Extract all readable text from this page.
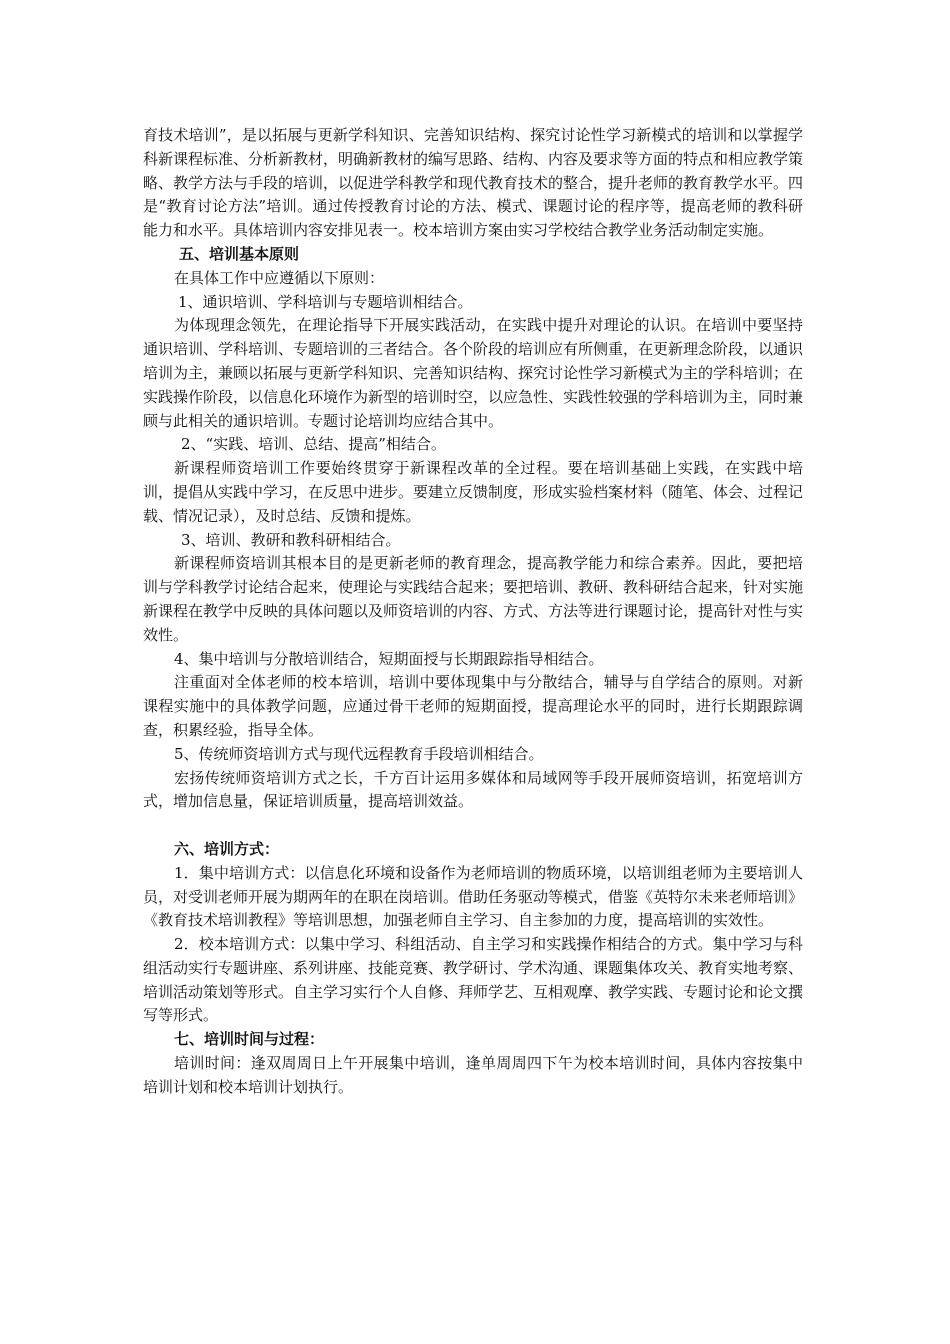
育技术培训”，是以拓展与更新学科知识、完善知识结构、探究讨论性学习新模式的培训和以掌握学科新课程标准、分析新教材，明确新教材的编写思路、结构、内容及要求等方面的特点和相应教学策略、教学方法与手段的培训，以促进学科教学和现代教育技术的整合，提升老师的教育教学水平。四是“教育讨论方法”培训。通过传授教育讨论的方法、模式、课题讨论的程序等，提高老师的教科研能力和水平。具体培训内容安排见表一。校本培训方案由实习学校结合教学业务活动制定实施。

五、培训基本原则

在具体工作中应遵循以下原则：

1、通识培训、学科培训与专题培训相结合。

为体现理念领先，在理论指导下开展实践活动，在实践中提升对理论的认识。在培训中要坚持通识培训、学科培训、专题培训的三者结合。各个阶段的培训应有所侧重，在更新理念阶段，以通识培训为主，兼顾以拓展与更新学科知识、完善知识结构、探究讨论性学习新模式为主的学科培训；在实践操作阶段，以信息化环境作为新型的培训时空，以应急性、实践性较强的学科培训为主，同时兼顾与此相关的通识培训。专题讨论培训均应结合其中。

2、“实践、培训、总结、提高”相结合。

新课程师资培训工作要始终贯穿于新课程改革的全过程。要在培训基础上实践，在实践中培训，提倡从实践中学习，在反思中进步。要建立反馈制度，形成实验档案材料（随笔、体会、过程记载、情况记录），及时总结、反馈和提炼。

3、培训、教研和教科研相结合。

新课程师资培训其根本目的是更新老师的教育理念，提高教学能力和综合素养。因此，要把培训与学科教学讨论结合起来，使理论与实践结合起来；要把培训、教研、教科研结合起来，针对实施新课程在教学中反映的具体问题以及师资培训的内容、方式、方法等进行课题讨论，提高针对性与实效性。

4、集中培训与分散培训结合，短期面授与长期跟踪指导相结合。

注重面对全体老师的校本培训，培训中要体现集中与分散结合，辅导与自学结合的原则。对新课程实施中的具体教学问题，应通过骨干老师的短期面授，提高理论水平的同时，进行长期跟踪调查，积累经验，指导全体。

5、传统师资培训方式与现代远程教育手段培训相结合。

宏扬传统师资培训方式之长，千方百计运用多媒体和局域网等手段开展师资培训，拓宽培训方式，增加信息量，保证培训质量，提高培训效益。

六、培训方式：

1．集中培训方式：以信息化环境和设备作为老师培训的物质环境，以培训组老师为主要培训人员，对受训老师开展为期两年的在职在岗培训。借助任务驱动等模式，借鉴《英特尔未来老师培训》《教育技术培训教程》等培训思想，加强老师自主学习、自主参加的力度，提高培训的实效性。

2．校本培训方式：以集中学习、科组活动、自主学习和实践操作相结合的方式。集中学习与科组活动实行专题讲座、系列讲座、技能竞赛、教学研讨、学术沟通、课题集体攻关、教育实地考察、培训活动策划等形式。自主学习实行个人自修、拜师学艺、互相观摩、教学实践、专题讨论和论文撰写等形式。

七、培训时间与过程：

培训时间：逢双周周日上午开展集中培训，逢单周周四下午为校本培训时间，具体内容按集中培训计划和校本培训计划执行。
